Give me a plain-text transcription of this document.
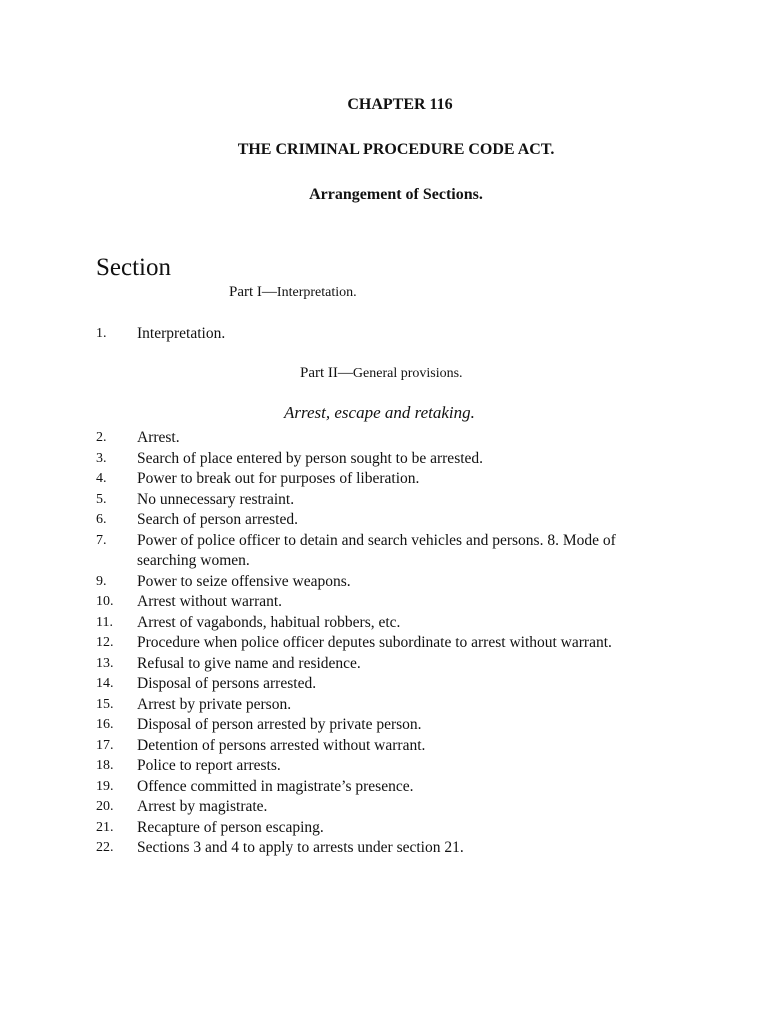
CHAPTER 116
THE CRIMINAL PROCEDURE CODE ACT.
Arrangement of Sections.
Section
Part I—Interpretation.
1. Interpretation.
Part II—General provisions.
Arrest, escape and retaking.
2. Arrest.
3. Search of place entered by person sought to be arrested.
4. Power to break out for purposes of liberation.
5. No unnecessary restraint.
6. Search of person arrested.
7. Power of police officer to detain and search vehicles and persons. 8. Mode of searching women.
9. Power to seize offensive weapons.
10. Arrest without warrant.
11. Arrest of vagabonds, habitual robbers, etc.
12. Procedure when police officer deputes subordinate to arrest without warrant.
13. Refusal to give name and residence.
14. Disposal of persons arrested.
15. Arrest by private person.
16. Disposal of person arrested by private person.
17. Detention of persons arrested without warrant.
18. Police to report arrests.
19. Offence committed in magistrate’s presence.
20. Arrest by magistrate.
21. Recapture of person escaping.
22. Sections 3 and 4 to apply to arrests under section 21.
